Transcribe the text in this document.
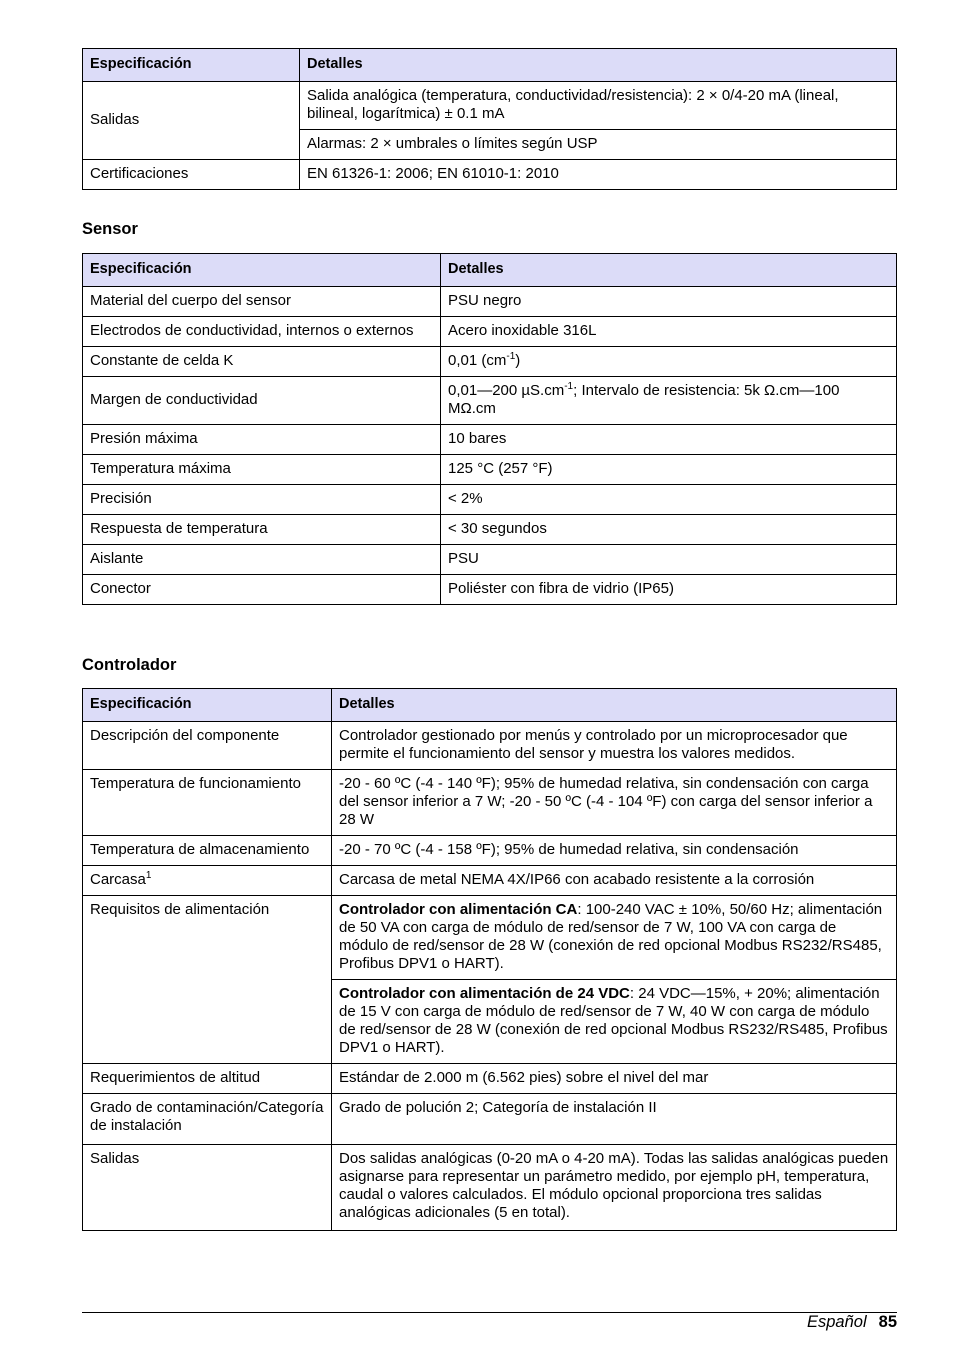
Especificación	Detalles
Salidas	Salida analógica (temperatura, conductividad/resistencia): 2 × 0/4-20 mA (lineal, bilineal, logarítmica) ± 0.1 mA
	Alarmas: 2 × umbrales o límites según USP
Certificaciones	EN 61326-1: 2006; EN 61010-1: 2010
Sensor
Especificación	Detalles
Material del cuerpo del sensor	PSU negro
Electrodos de conductividad, internos o externos	Acero inoxidable 316L
Constante de celda K	0,01 $(cm^{-1})$
Margen de conductividad	0,01—200 $\mu S.cm^{-1}$; Intervalo de resistencia: 5k Ω.cm—100 MΩ.cm
Presión máxima	10 bares
Temperatura máxima	125 °C (257 °F)
Precisión	< 2%
Respuesta de temperatura	< 30 segundos
Aislante	PSU
Conector	Poliéster con fibra de vidrio (IP65)
Controlador
Especificación	Detalles
Descripción del componente	Controlador gestionado por menús y controlado por un microprocesador que permite el funcionamiento del sensor y muestra los valores medidos.
Temperatura de funcionamiento	-20 - 60 ºC (-4 - 140 ºF); 95% de humedad relativa, sin condensación con carga del sensor inferior a 7 W; -20 - 50 ºC (-4 - 104 ºF) con carga del sensor inferior a 28 W
Temperatura de almacenamiento	-20 - 70 ºC (-4 - 158 ºF); 95% de humedad relativa, sin condensación
Carcasa$^1$	Carcasa de metal NEMA 4X/IP66 con acabado resistente a la corrosión
Requisitos de alimentación	Controlador con alimentación CA: 100-240 VAC ± 10%, 50/60 Hz; alimentación de 50 VA con carga de módulo de red/sensor de 7 W, 100 VA con carga de módulo de red/sensor de 28 W (conexión de red opcional Modbus RS232/RS485, Profibus DPV1 o HART).
	Controlador con alimentación de 24 VDC: 24 VDC—15%, + 20%; alimentación de 15 V con carga de módulo de red/sensor de 7 W, 40 W con carga de módulo de red/sensor de 28 W (conexión de red opcional Modbus RS232/RS485, Profibus DPV1 o HART).
Requerimientos de altitud	Estándar de 2.000 m (6.562 pies) sobre el nivel del mar
Grado de contaminación/Categoría de instalación	Grado de polución 2; Categoría de instalación II
Salidas	Dos salidas analógicas (0-20 mA o 4-20 mA). Todas las salidas analógicas pueden asignarse para representar un parámetro medido, por ejemplo pH, temperatura, caudal o valores calculados. El módulo opcional proporciona tres salidas analógicas adicionales (5 en total).
Español 85
